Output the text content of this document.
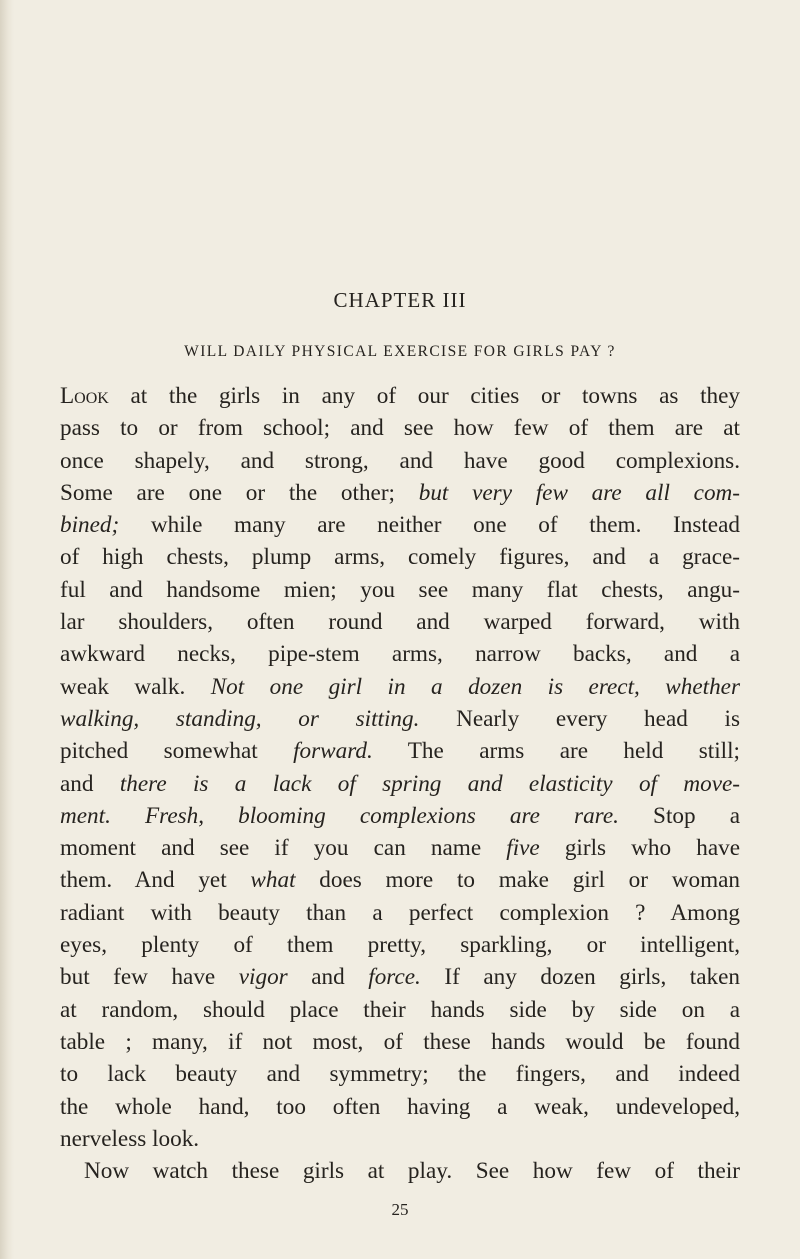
CHAPTER III
WILL DAILY PHYSICAL EXERCISE FOR GIRLS PAY ?
Look at the girls in any of our cities or towns as they
pass to or from school; and see how few of them are at
once shapely, and strong, and have good complexions.
Some are one or the other; but very few are all com-
bined; while many are neither one of them. Instead
of high chests, plump arms, comely figures, and a grace-
ful and handsome mien; you see many flat chests, angu-
lar shoulders, often round and warped forward, with
awkward necks, pipe-stem arms, narrow backs, and a
weak walk. Not one girl in a dozen is erect, whether
walking, standing, or sitting. Nearly every head is
pitched somewhat forward. The arms are held still;
and there is a lack of spring and elasticity of move-
ment. Fresh, blooming complexions are rare. Stop a
moment and see if you can name five girls who have
them. And yet what does more to make girl or woman
radiant with beauty than a perfect complexion ? Among
eyes, plenty of them pretty, sparkling, or intelligent,
but few have vigor and force. If any dozen girls, taken
at random, should place their hands side by side on a
table ; many, if not most, of these hands would be found
to lack beauty and symmetry; the fingers, and indeed
the whole hand, too often having a weak, undeveloped,
nerveless look.
Now watch these girls at play. See how few of their
25
